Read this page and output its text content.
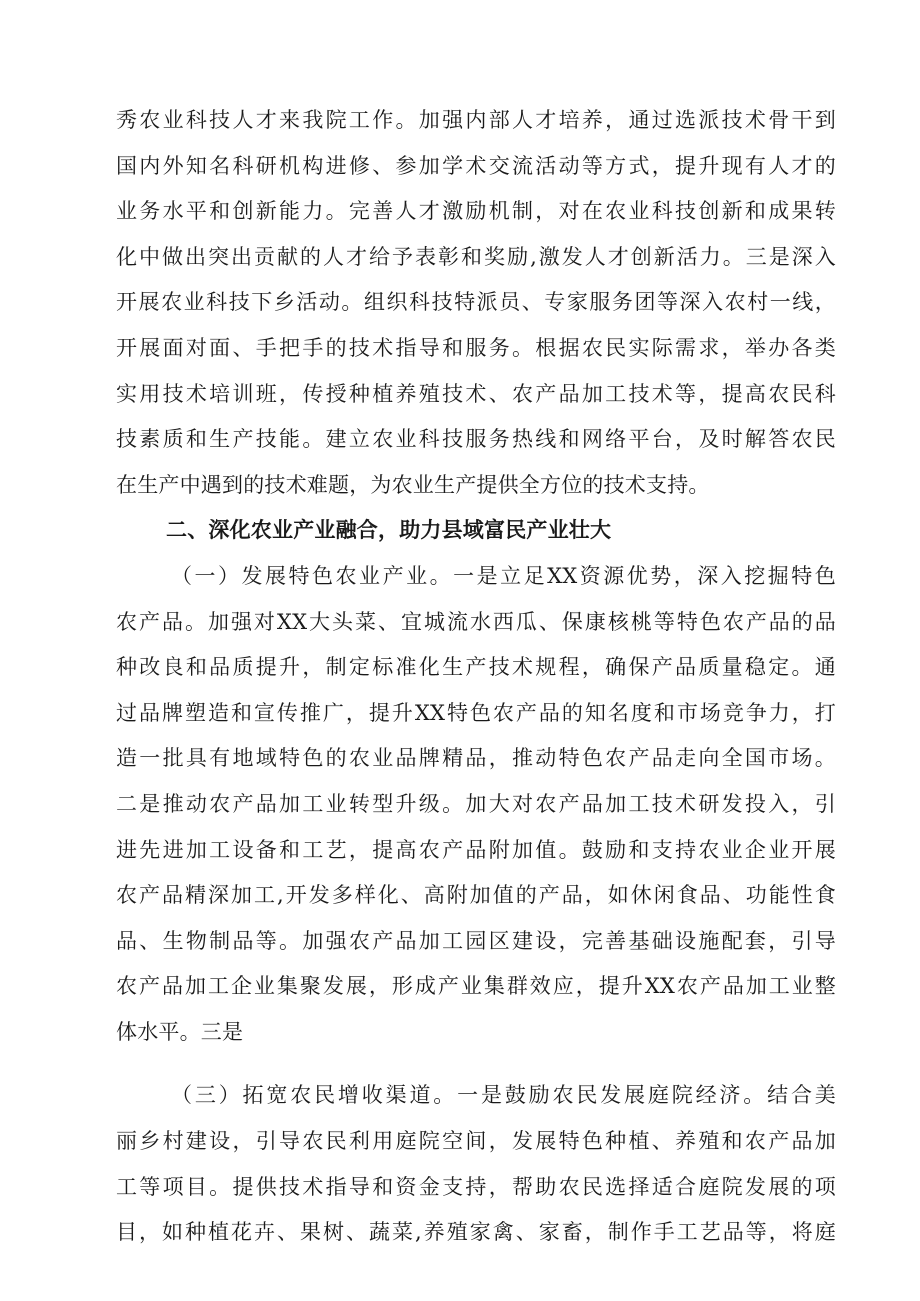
秀农业科技人才来我院工作。加强内部人才培养，通过选派技术骨干到
国内外知名科研机构进修、参加学术交流活动等方式，提升现有人才的
业务水平和创新能力。完善人才激励机制，对在农业科技创新和成果转
化中做出突出贡献的人才给予表彰和奖励,激发人才创新活力。三是深入
开展农业科技下乡活动。组织科技特派员、专家服务团等深入农村一线，
开展面对面、手把手的技术指导和服务。根据农民实际需求，举办各类
实用技术培训班，传授种植养殖技术、农产品加工技术等，提高农民科
技素质和生产技能。建立农业科技服务热线和网络平台，及时解答农民
在生产中遇到的技术难题，为农业生产提供全方位的技术支持。
二、深化农业产业融合，助力县域富民产业壮大
（一）发展特色农业产业。一是立足XX资源优势，深入挖掘特色
农产品。加强对XX大头菜、宜城流水西瓜、保康核桃等特色农产品的品
种改良和品质提升，制定标准化生产技术规程，确保产品质量稳定。通
过品牌塑造和宣传推广，提升XX特色农产品的知名度和市场竞争力，打
造一批具有地域特色的农业品牌精品，推动特色农产品走向全国市场。
二是推动农产品加工业转型升级。加大对农产品加工技术研发投入，引
进先进加工设备和工艺，提高农产品附加值。鼓励和支持农业企业开展
农产品精深加工,开发多样化、高附加值的产品，如休闲食品、功能性食
品、生物制品等。加强农产品加工园区建设，完善基础设施配套，引导
农产品加工企业集聚发展，形成产业集群效应，提升XX农产品加工业整
体水平。三是
（三）拓宽农民增收渠道。一是鼓励农民发展庭院经济。结合美
丽乡村建设，引导农民利用庭院空间，发展特色种植、养殖和农产品加
工等项目。提供技术指导和资金支持，帮助农民选择适合庭院发展的项
目，如种植花卉、果树、蔬菜,养殖家禽、家畜，制作手工艺品等，将庭
